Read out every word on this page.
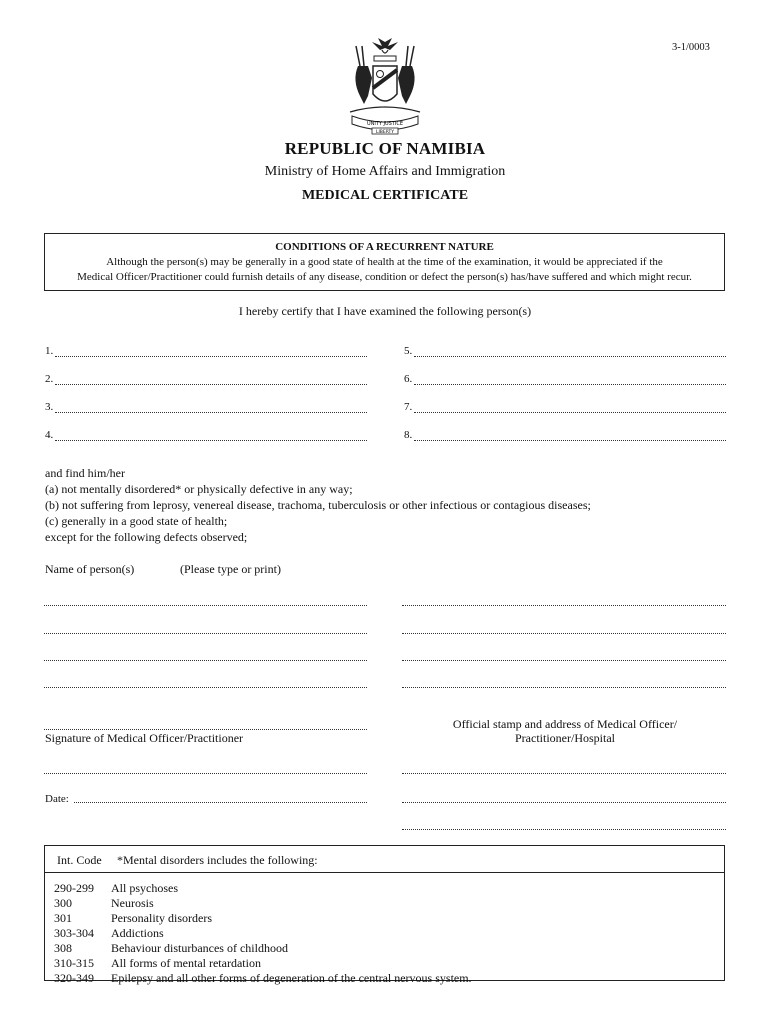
3-1/0003
UNITY JUSTICE
LIBERTY
REPUBLIC OF NAMIBIA
Ministry of Home Affairs and Immigration
MEDICAL CERTIFICATE
CONDITIONS OF A RECURRENT NATURE
Although the person(s) may be generally in a good state of health at the time of the examination, it would be appreciated if the
Medical Officer/Practitioner could furnish details of any disease, condition or defect the person(s) has/have suffered and which might recur.
I hereby certify that I have examined the following person(s)
1.
2.
3.
4.
5.
6.
7.
8.
and find him/her
(a) not mentally disordered* or physically defective in any way;
(b) not suffering from leprosy, venereal disease, trachoma, tuberculosis or other infectious or contagious diseases;
(c) generally in a good state of health;
except for the following defects observed;
Name of person(s)	(Please type or print)
Signature of Medical Officer/Practitioner
Official stamp and address of Medical Officer/
Practitioner/Hospital
Date:
Int. Code *Mental disorders includes the following:
290-299	All psychoses
300	Neurosis
301	Personality disorders
303-304	Addictions
308	Behaviour disturbances of childhood
310-315	All forms of mental retardation
320-349	Epilepsy and all other forms of degeneration of the central nervous system.
